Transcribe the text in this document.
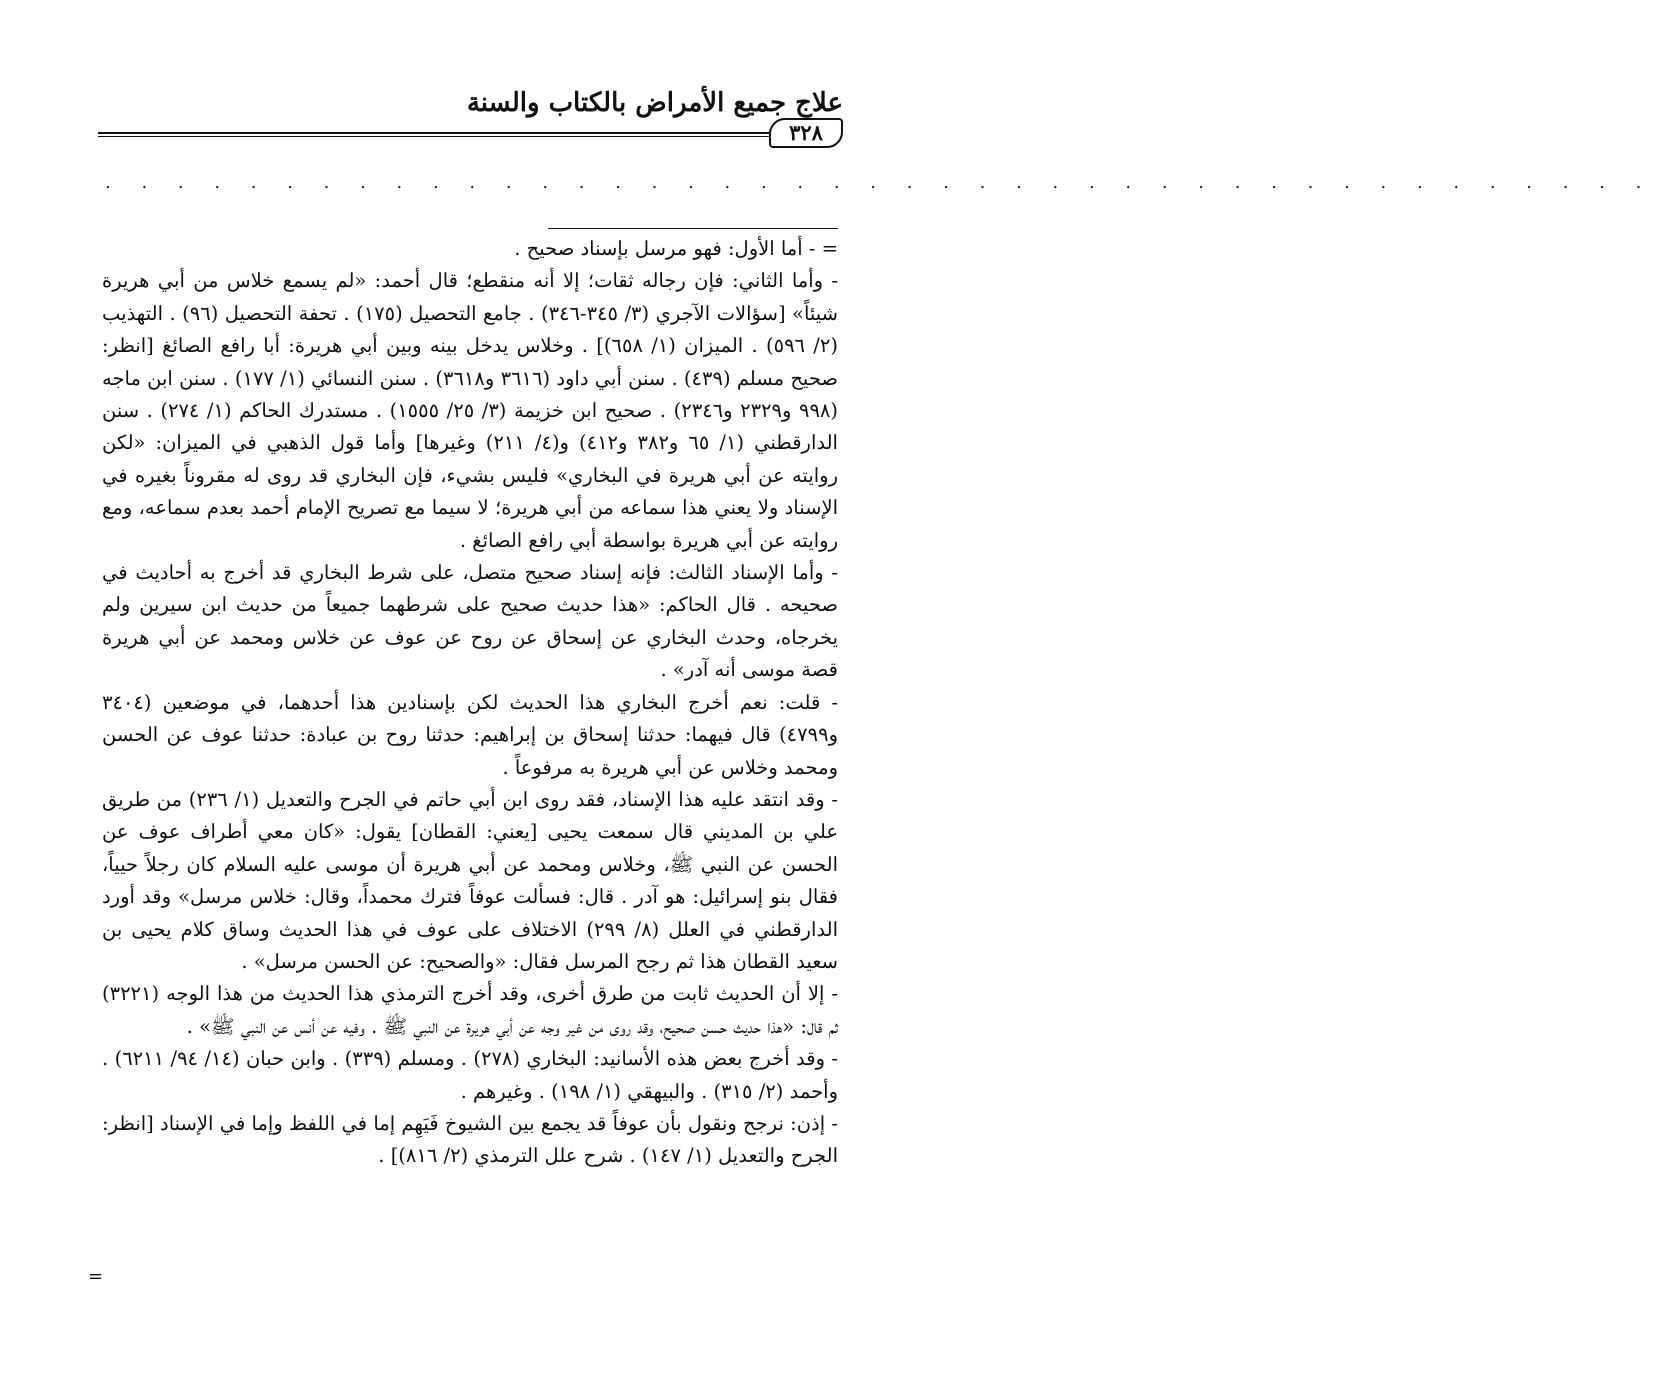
علاج جميع الأمراض بالكتاب والسنة
٣٢٨
. . . . . . . . . . . . . . . . . . . . . . . . . . . . . . . . . . . . . . . . . . .

= - أما الأول: فهو مرسل بإسناد صحيح .

- وأما الثاني: فإن رجاله ثقات؛ إلا أنه منقطع؛ قال أحمد: «لم يسمع خلاس من أبي هريرة شيئاً» [سؤالات الآجري (٣/ ٣٤٥-٣٤٦) . جامع التحصيل (١٧٥) . تحفة التحصيل (٩٦) . التهذيب (٢/ ٥٩٦) . الميزان (١/ ٦٥٨)] . وخلاس يدخل بينه وبين أبي هريرة: أبا رافع الصائغ [انظر: صحيح مسلم (٤٣٩) . سنن أبي داود (٣٦١٦ و٣٦١٨) . سنن النسائي (١/ ١٧٧) . سنن ابن ماجه (٩٩٨ و٢٣٢٩ و٢٣٤٦) . صحيح ابن خزيمة (٣/ ٢٥/ ١٥٥٥) . مستدرك الحاكم (١/ ٢٧٤) . سنن الدارقطني (١/ ٦٥ و٣٨٢ و٤١٢) و(٤/ ٢١١) وغيرها] وأما قول الذهبي في الميزان: «لكن روايته عن أبي هريرة في البخاري» فليس بشيء، فإن البخاري قد روى له مقروناً بغيره في الإسناد ولا يعني هذا سماعه من أبي هريرة؛ لا سيما مع تصريح الإمام أحمد بعدم سماعه، ومع روايته عن أبي هريرة بواسطة أبي رافع الصائغ .

- وأما الإسناد الثالث: فإنه إسناد صحيح متصل، على شرط البخاري قد أخرج به أحاديث في صحيحه . قال الحاكم: «هذا حديث صحيح على شرطهما جميعاً من حديث ابن سيرين ولم يخرجاه، وحدث البخاري عن إسحاق عن روح عن عوف عن خلاس ومحمد عن أبي هريرة قصة موسى أنه آدر» .

- قلت: نعم أخرج البخاري هذا الحديث لكن بإسنادين هذا أحدهما، في موضعين (٣٤٠٤ و٤٧٩٩) قال فيهما: حدثنا إسحاق بن إبراهيم: حدثنا روح بن عبادة: حدثنا عوف عن الحسن ومحمد وخلاس عن أبي هريرة به مرفوعاً .

- وقد انتقد عليه هذا الإسناد، فقد روى ابن أبي حاتم في الجرح والتعديل (١/ ٢٣٦) من طريق علي بن المديني قال سمعت يحيى [يعني: القطان] يقول: «كان معي أطراف عوف عن الحسن عن النبي ﷺ، وخلاس ومحمد عن أبي هريرة أن موسى عليه السلام كان رجلاً حيياً، فقال بنو إسرائيل: هو آدر . قال: فسألت عوفاً فترك محمداً، وقال: خلاس مرسل» وقد أورد الدارقطني في العلل (٨/ ٢٩٩) الاختلاف على عوف في هذا الحديث وساق كلام يحيى بن سعيد القطان هذا ثم رجح المرسل فقال: «والصحيح: عن الحسن مرسل» .

- إلا أن الحديث ثابت من طرق أخرى، وقد أخرج الترمذي هذا الحديث من هذا الوجه (٣٢٢١) ثم قال: «هذا حديث حسن صحيح، وقد روى من غير وجه عن أبي هريرة عن النبي ﷺ . وفيه عن أنس عن النبي ﷺ» .

- وقد أخرج بعض هذه الأسانيد: البخاري (٢٧٨) . ومسلم (٣٣٩) . وابن حبان (١٤/ ٩٤/ ٦٢١١) . وأحمد (٢/ ٣١٥) . والبيهقي (١/ ١٩٨) . وغيرهم .

- إذن: نرجح ونقول بأن عوفاً قد يجمع بين الشيوخ فَيَهِم إما في اللفظ وإما في الإسناد [انظر: الجرح والتعديل (١/ ١٤٧) . شرح علل الترمذي (٢/ ٨١٦)] .

=
